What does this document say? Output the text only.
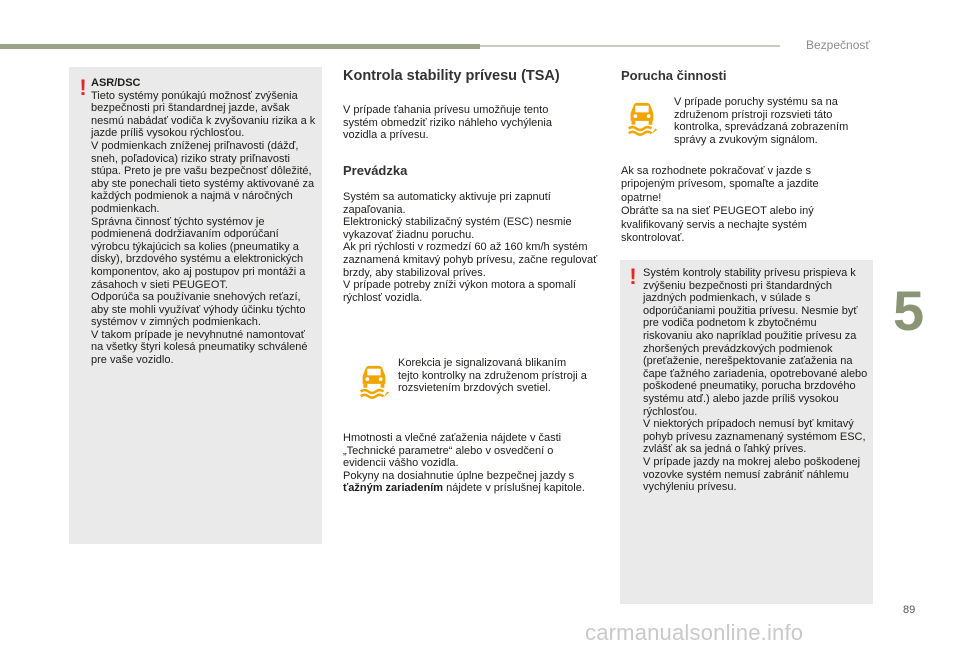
Bezpečnosť
! ASR/DSC

Tieto systémy ponúkajú možnosť zvýšenia bezpečnosti pri štandardnej jazde, avšak nesmú nabádať vodiča k zvyšovaniu rizika a k jazde príliš vysokou rýchlosťou.

V podmienkach zníženej priľnavosti (dážď, sneh, poľadovica) riziko straty priľnavosti stúpa. Preto je pre vašu bezpečnosť dôležité, aby ste ponechali tieto systémy aktivované za každých podmienok a najmä v náročných podmienkach.

Správna činnosť týchto systémov je podmienená dodržiavaním odporúčaní výrobcu týkajúcich sa kolies (pneumatiky a disky), brzdového systému a elektronických komponentov, ako aj postupov pri montáži a zásahoch v sieti PEUGEOT.

Odporúča sa používanie snehových reťazí, aby ste mohli využívať výhody účinku týchto systémov v zimných podmienkach.

V takom prípade je nevyhnutné namontovať na všetky štyri kolesá pneumatiky schválené pre vaše vozidlo.

Kontrola stability prívesu (TSA)
V prípade ťahania prívesu umožňuje tento systém obmedziť riziko náhleho vychýlenia vozidla a prívesu.
Prevádzka

Systém sa automaticky aktivuje pri zapnutí zapaľovania.

Elektronický stabilizačný systém (ESC) nesmie vykazovať žiadnu poruchu.

Ak pri rýchlosti v rozmedzí 60 až 160 km/h systém zaznamená kmitavý pohyb prívesu, začne regulovať brzdy, aby stabilizoval príves.

V prípade potreby zníži výkon motora a spomalí rýchlosť vozidla.

Korekcia je signalizovaná blikaním tejto kontrolky na združenom prístroji a rozsvietením brzdových svetiel.

Hmotnosti a vlečné zaťaženia nájdete v časti „Technické parametre“ alebo v osvedčení o evidencii vášho vozidla.

Pokyny na dosiahnutie úplne bezpečnej jazdy s ťažným zariadením nájdete v príslušnej kapitole.

Porucha činnosti
V prípade poruchy systému sa na združenom prístroji rozsvieti táto kontrolka, sprevádzaná zobrazením správy a zvukovým signálom.

Ak sa rozhodnete pokračovať v jazde s pripojeným prívesom, spomaľte a jazdite opatrne!

Obráťte sa na sieť PEUGEOT alebo iný kvalifikovaný servis a nechajte systém skontrolovať.

! Systém kontroly stability prívesu prispieva k zvýšeniu bezpečnosti pri štandardných jazdných podmienkach, v súlade s odporúčaniami použitia prívesu. Nesmie byť pre vodiča podnetom k zbytočnému riskovaniu ako napríklad použitie prívesu za zhoršených prevádzkových podmienok (preťaženie, nerešpektovanie zaťaženia na čape ťažného zariadenia, opotrebované alebo poškodené pneumatiky, porucha brzdového systému atď.) alebo jazde príliš vysokou rýchlosťou.

V niektorých prípadoch nemusí byť kmitavý pohyb prívesu zaznamenaný systémom ESC, zvlášť ak sa jedná o ľahký príves.

V prípade jazdy na mokrej alebo poškodenej vozovke systém nemusí zabrániť náhlemu vychýleniu prívesu.

5
89
carmanualsonline.info
